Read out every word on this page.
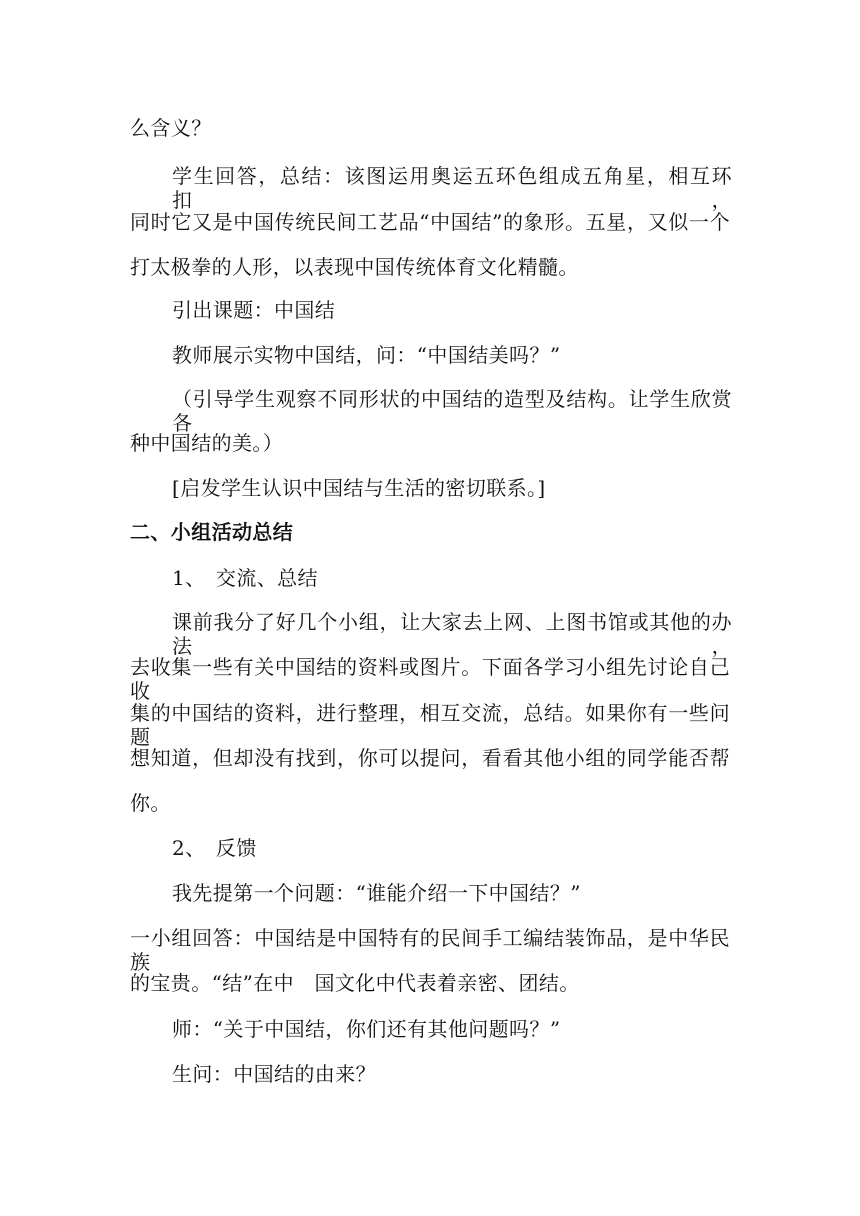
么含义？
学生回答，总结：该图运用奥运五环色组成五角星，相互环扣，
同时它又是中国传统民间工艺品“中国结”的象形。五星，又似一个
打太极拳的人形，以表现中国传统体育文化精髓。
引出课题：中国结
教师展示实物中国结，问：“中国结美吗？”
（引导学生观察不同形状的中国结的造型及结构。让学生欣赏各
种中国结的美。）
[启发学生认识中国结与生活的密切联系。]
二、小组活动总结
1、　交流、总结
课前我分了好几个小组，让大家去上网、上图书馆或其他的办法，
去收集一些有关中国结的资料或图片。下面各学习小组先讨论自己收
集的中国结的资料，进行整理，相互交流，总结。如果你有一些问题
想知道，但却没有找到，你可以提问，看看其他小组的同学能否帮
你。
2、　反馈
我先提第一个问题：“谁能介绍一下中国结？”
一小组回答：中国结是中国特有的民间手工编结装饰品，是中华民族
的宝贵。“结”在中　国文化中代表着亲密、团结。
师：“关于中国结，你们还有其他问题吗？”
生问：中国结的由来？
